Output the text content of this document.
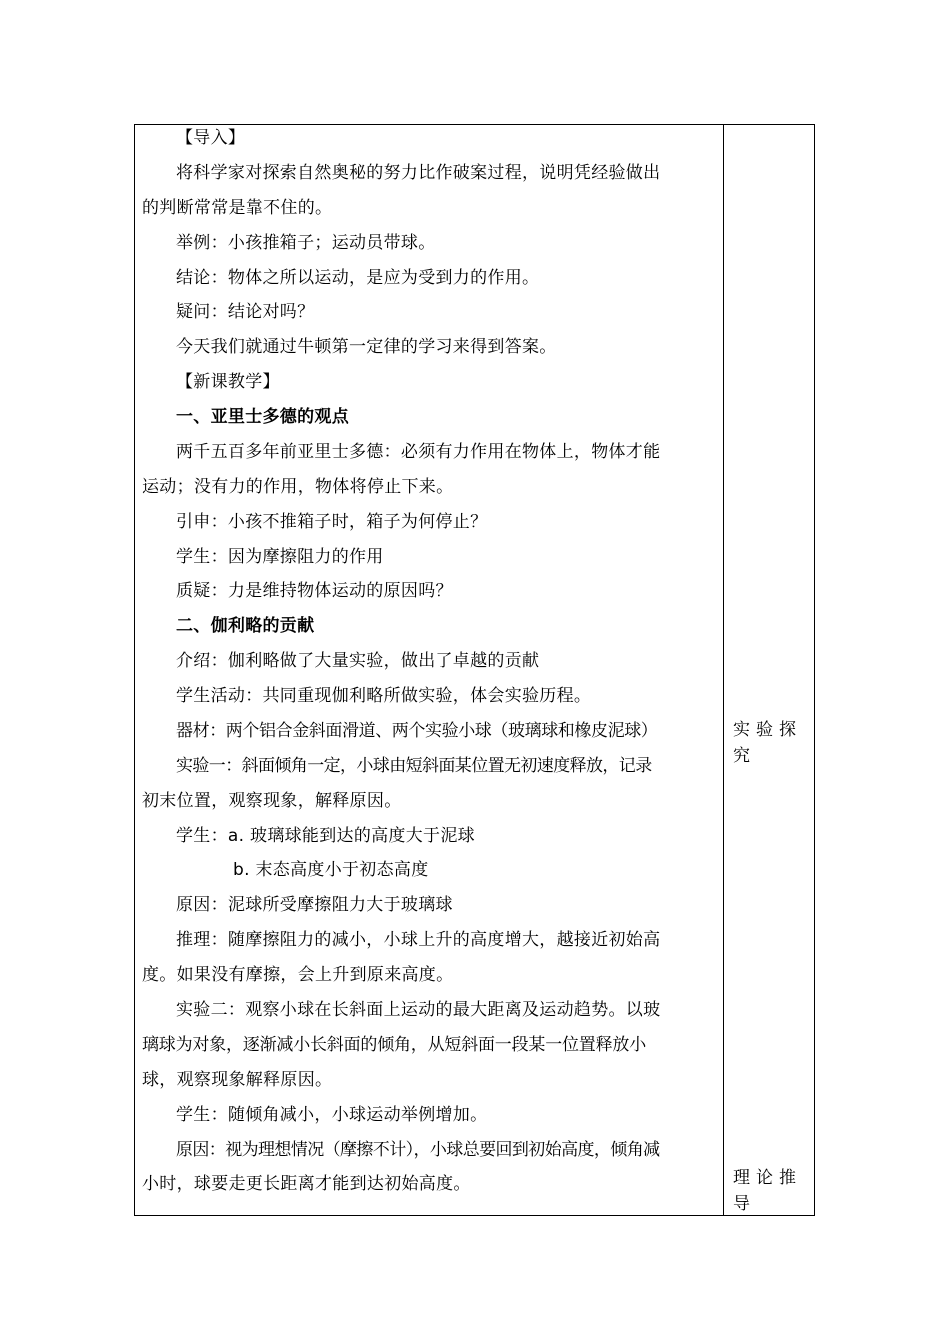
【导入】
将科学家对探索自然奥秘的努力比作破案过程，说明凭经验做出
的判断常常是靠不住的。
举例：小孩推箱子；运动员带球。
结论：物体之所以运动，是应为受到力的作用。
疑问：结论对吗？
今天我们就通过牛顿第一定律的学习来得到答案。
【新课教学】
一、亚里士多德的观点
两千五百多年前亚里士多德：必须有力作用在物体上，物体才能
运动；没有力的作用，物体将停止下来。
引申：小孩不推箱子时，箱子为何停止？
学生：因为摩擦阻力的作用
质疑：力是维持物体运动的原因吗？
二、伽利略的贡献
介绍：伽利略做了大量实验，做出了卓越的贡献
学生活动：共同重现伽利略所做实验，体会实验历程。
器材：两个铝合金斜面滑道、两个实验小球（玻璃球和橡皮泥球）
实验一：斜面倾角一定，小球由短斜面某位置无初速度释放，记录
初末位置，观察现象，解释原因。
学生：a. 玻璃球能到达的高度大于泥球
b. 末态高度小于初态高度
原因：泥球所受摩擦阻力大于玻璃球
推理：随摩擦阻力的减小，小球上升的高度增大，越接近初始高
度。如果没有摩擦，会上升到原来高度。
实验二：观察小球在长斜面上运动的最大距离及运动趋势。以玻
璃球为对象，逐渐减小长斜面的倾角，从短斜面一段某一位置释放小
球，观察现象解释原因。
学生：随倾角减小，小球运动举例增加。
原因：视为理想情况（摩擦不计），小球总要回到初始高度，倾角减
小时，球要走更长距离才能到达初始高度。
实 验 探
究
理 论 推
导
